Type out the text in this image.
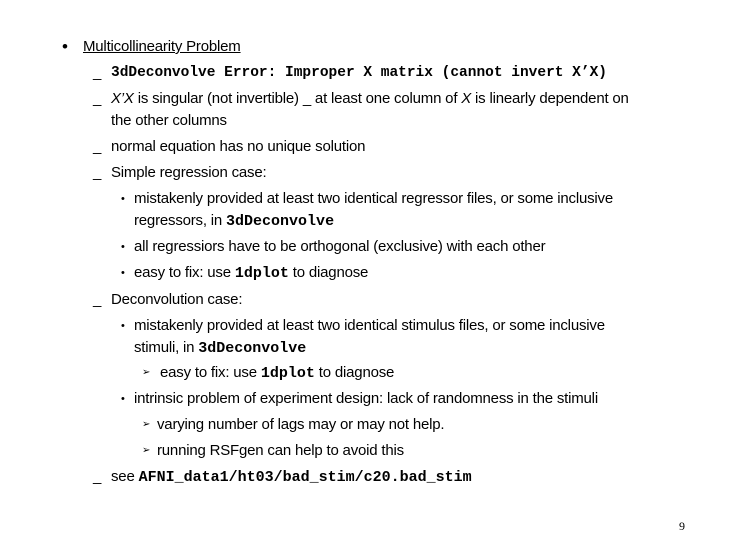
• Multicollinearity Problem
_ 3dDeconvolve Error: Improper X matrix (cannot invert X’X)
_ X’X is singular (not invertible) _ at least one column of X is linearly dependent on
the other columns
_ normal equation has no unique solution
_ Simple regression case:
• mistakenly provided at least two identical regressor files, or some inclusive
regressors, in 3dDeconvolve
• all regressiors have to be orthogonal (exclusive) with each other
• easy to fix: use 1dplot to diagnose
_ Deconvolution case:
• mistakenly provided at least two identical stimulus files, or some inclusive
stimuli, in 3dDeconvolve
➢ easy to fix: use 1dplot to diagnose
• intrinsic problem of experiment design: lack of randomness in the stimuli
➢ varying number of lags may or may not help.
➢ running RSFgen can help to avoid this
_ see AFNI_data1/ht03/bad_stim/c20.bad_stim
9
